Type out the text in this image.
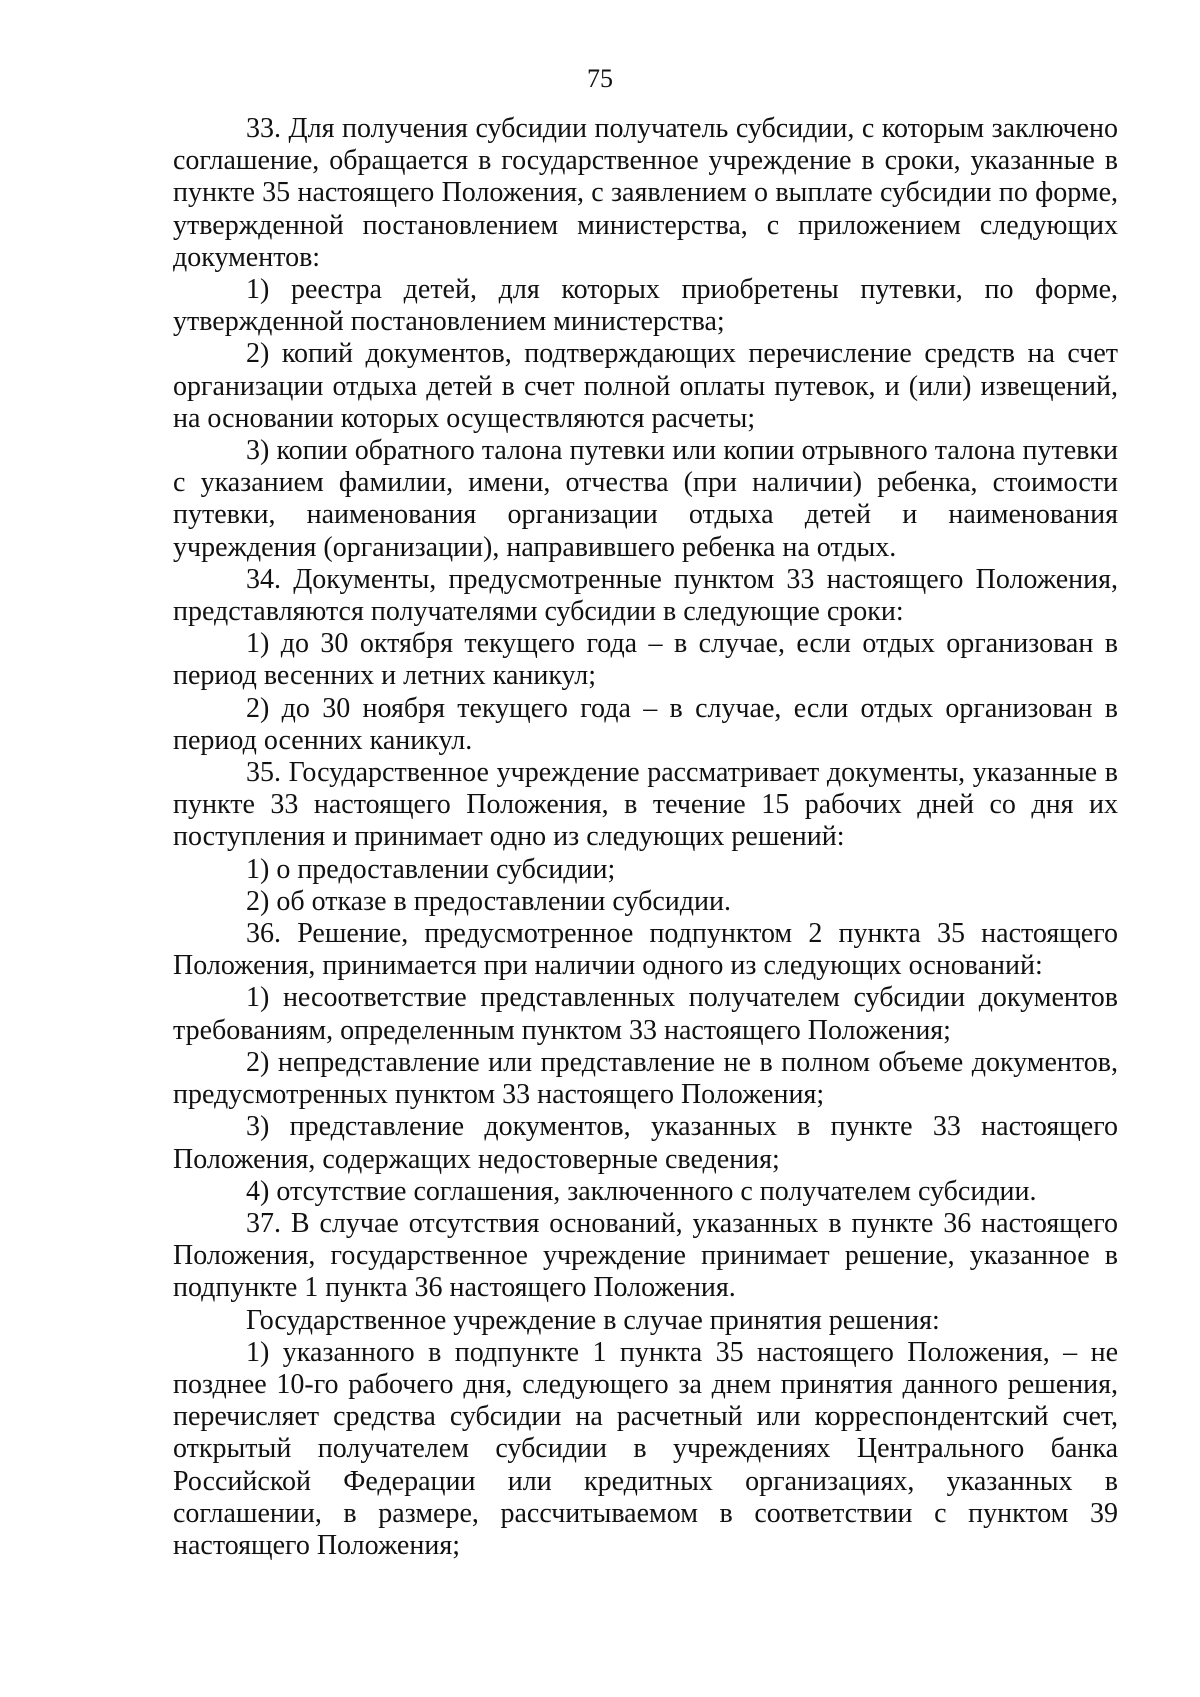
75

33. Для получения субсидии получатель субсидии, с которым заключено соглашение, обращается в государственное учреждение в сроки, указанные в пункте 35 настоящего Положения, с заявлением о выплате субсидии по форме, утвержденной постановлением министерства, с приложением следующих документов:

1) реестра детей, для которых приобретены путевки, по форме, утвержденной постановлением министерства;

2) копий документов, подтверждающих перечисление средств на счет организации отдыха детей в счет полной оплаты путевок, и (или) извещений, на основании которых осуществляются расчеты;

3) копии обратного талона путевки или копии отрывного талона путевки с указанием фамилии, имени, отчества (при наличии) ребенка, стоимости путевки, наименования организации отдыха детей и наименования учреждения (организации), направившего ребенка на отдых.

34. Документы, предусмотренные пунктом 33 настоящего Положения, представляются получателями субсидии в следующие сроки:

1) до 30 октября текущего года – в случае, если отдых организован в период весенних и летних каникул;

2) до 30 ноября текущего года – в случае, если отдых организован в период осенних каникул.

35. Государственное учреждение рассматривает документы, указанные в пункте 33 настоящего Положения, в течение 15 рабочих дней со дня их поступления и принимает одно из следующих решений:

1) о предоставлении субсидии;

2) об отказе в предоставлении субсидии.

36. Решение, предусмотренное подпунктом 2 пункта 35 настоящего Положения, принимается при наличии одного из следующих оснований:

1) несоответствие представленных получателем субсидии документов требованиям, определенным пунктом 33 настоящего Положения;

2) непредставление или представление не в полном объеме документов, предусмотренных пунктом 33 настоящего Положения;

3) представление документов, указанных в пункте 33 настоящего Положения, содержащих недостоверные сведения;

4) отсутствие соглашения, заключенного с получателем субсидии.

37. В случае отсутствия оснований, указанных в пункте 36 настоящего Положения, государственное учреждение принимает решение, указанное в подпункте 1 пункта 36 настоящего Положения.

Государственное учреждение в случае принятия решения:

1) указанного в подпункте 1 пункта 35 настоящего Положения, – не позднее 10-го рабочего дня, следующего за днем принятия данного решения, перечисляет средства субсидии на расчетный или корреспондентский счет, открытый получателем субсидии в учреждениях Центрального банка Российской Федерации или кредитных организациях, указанных в соглашении, в размере, рассчитываемом в соответствии с пунктом 39 настоящего Положения;
